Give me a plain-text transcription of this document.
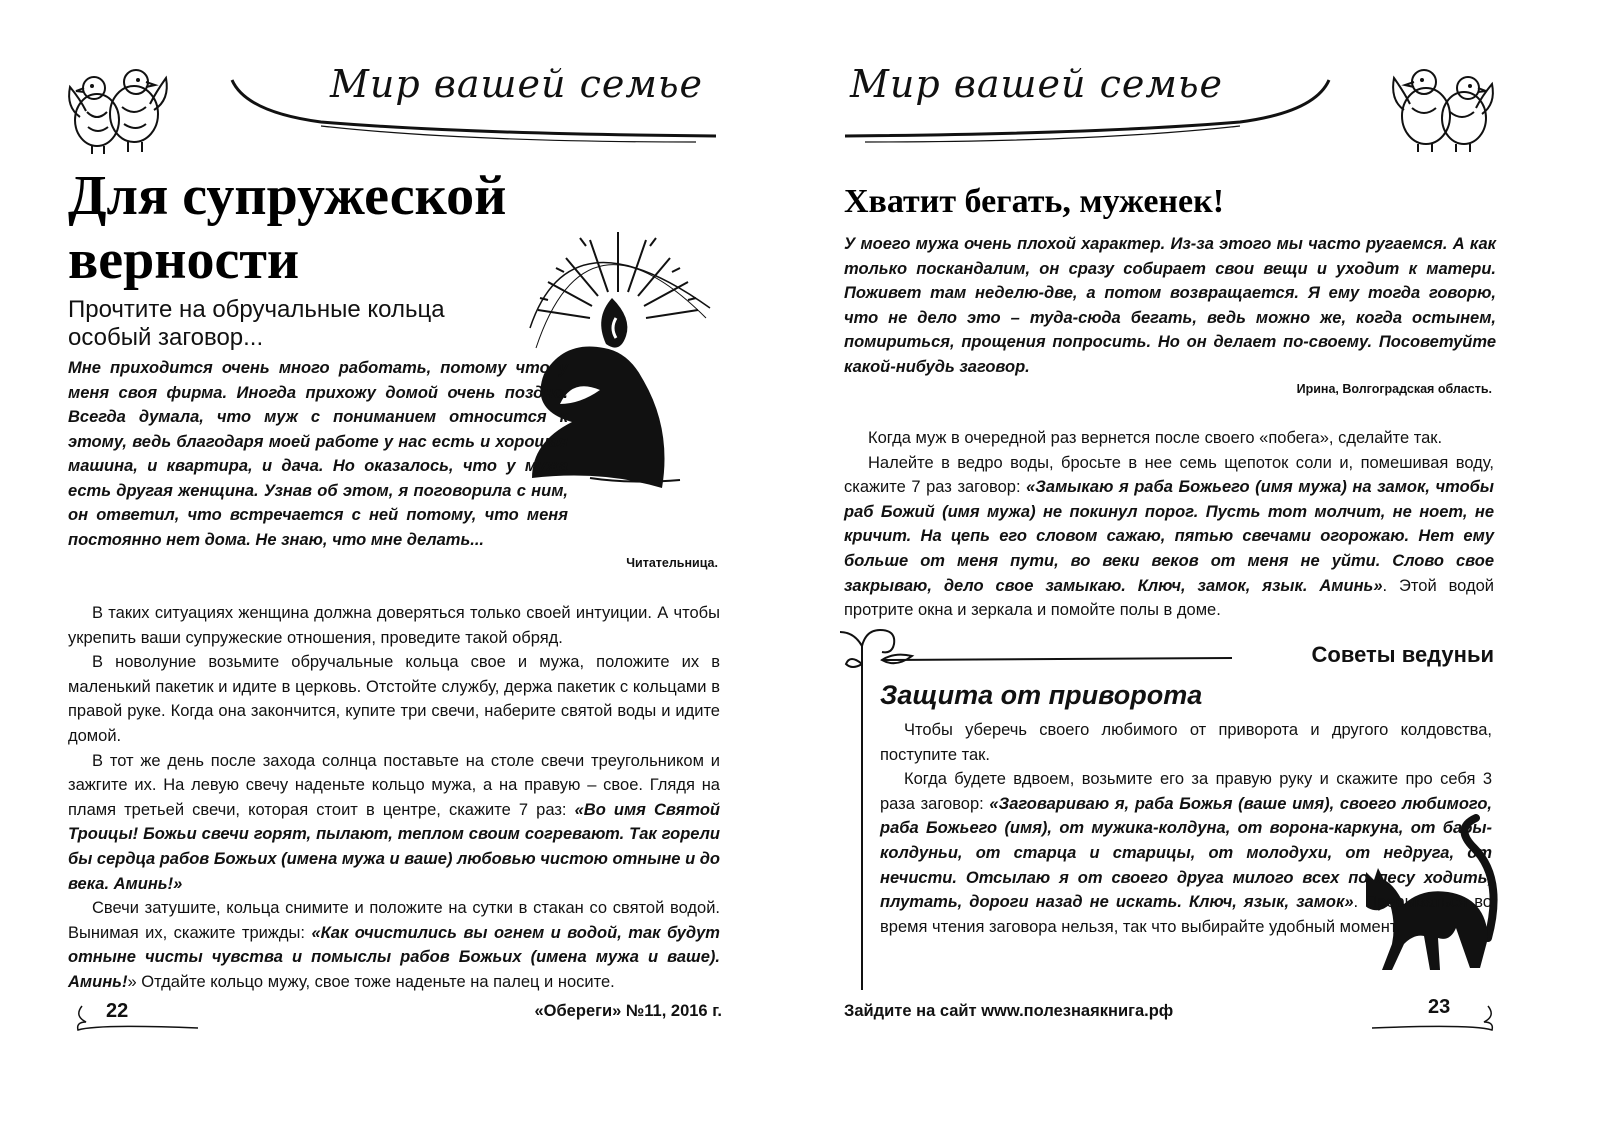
Мир вашей семье
Для супружеской
верности
Прочтите на обручальные кольца особый заговор...
Мне приходится очень много работать, потому что у меня своя фирма. Иногда прихожу домой очень поздно. Всегда думала, что муж с пониманием относится к этому, ведь благодаря моей работе у нас есть и хорошая машина, и квартира, и дача. Но оказалось, что у мужа есть другая женщина. Узнав об этом, я поговорила с ним, он ответил, что встречается с ней потому, что меня постоянно нет дома. Не знаю, что мне делать...
Читательница.

В таких ситуациях женщина должна доверяться только своей интуиции. А чтобы укрепить ваши супружеские отношения, проведите такой обряд.

В новолуние возьмите обручальные кольца свое и мужа, положите их в маленький пакетик и идите в церковь. Отстойте службу, держа пакетик с кольцами в правой руке. Когда она закончится, купите три свечи, наберите святой воды и идите домой.

В тот же день после захода солнца поставьте на столе свечи треугольником и зажгите их. На левую свечу наденьте кольцо мужа, а на правую – свое. Глядя на пламя третьей свечи, которая стоит в центре, скажите 7 раз: «Во имя Святой Троицы! Божьи свечи горят, пылают, теплом своим согревают. Так горели бы сердца рабов Божьих (имена мужа и ваше) любовью чистою отныне и до века. Аминь!»

Свечи затушите, кольца снимите и положите на сутки в стакан со святой водой. Вынимая их, скажите трижды: «Как очистились вы огнем и водой, так будут отныне чисты чувства и помыслы рабов Божьих (имена мужа и ваше). Аминь!» Отдайте кольцо мужу, свое тоже наденьте на палец и носите.

22	«Обереги» №11, 2016 г.
Мир вашей семье
Хватит бегать, муженек!
У моего мужа очень плохой характер. Из-за этого мы часто ругаемся. А как только поскандалим, он сразу собирает свои вещи и уходит к матери. Поживет там неделю-две, а потом возвращается. Я ему тогда говорю, что не дело это – туда-сюда бегать, ведь можно же, когда остынем, помириться, прощения попросить. Но он делает по-своему. Посоветуйте какой-нибудь заговор.
Ирина, Волгоградская область.

Когда муж в очередной раз вернется после своего «побега», сделайте так.

Налейте в ведро воды, бросьте в нее семь щепоток соли и, помешивая воду, скажите 7 раз заговор: «Замыкаю я раба Божьего (имя мужа) на замок, чтобы раб Божий (имя мужа) не покинул порог. Пусть тот молчит, не ноет, не кричит. На цепь его словом сажаю, пятью свечами огорожаю. Нет ему больше от меня пути, во веки веков от меня не уйти. Слово свое закрываю, дело свое замыкаю. Ключ, замок, язык. Аминь». Этой водой протрите окна и зеркала и помойте полы в доме.

Советы ведуньи
Защита от приворота

Чтобы уберечь своего любимого от приворота и другого колдовства, поступите так.

Когда будете вдвоем, возьмите его за правую руку и скажите про себя 3 раза заговор: «Заговариваю я, раба Божья (ваше имя), своего любимого, раба Божьего (имя), от мужика-колдуна, от ворона-каркуна, от бабы-колдуньи, от старца и старицы, от молодухи, от недруга, от нечисти. Отсылаю я от своего друга милого всех по лесу ходить, плутать, дороги назад не искать. Ключ, язык, замок». Прерываться во время чтения заговора нельзя, так что выбирайте удобный момент.

Зайдите на сайт www.полезнаякнига.рф	23
